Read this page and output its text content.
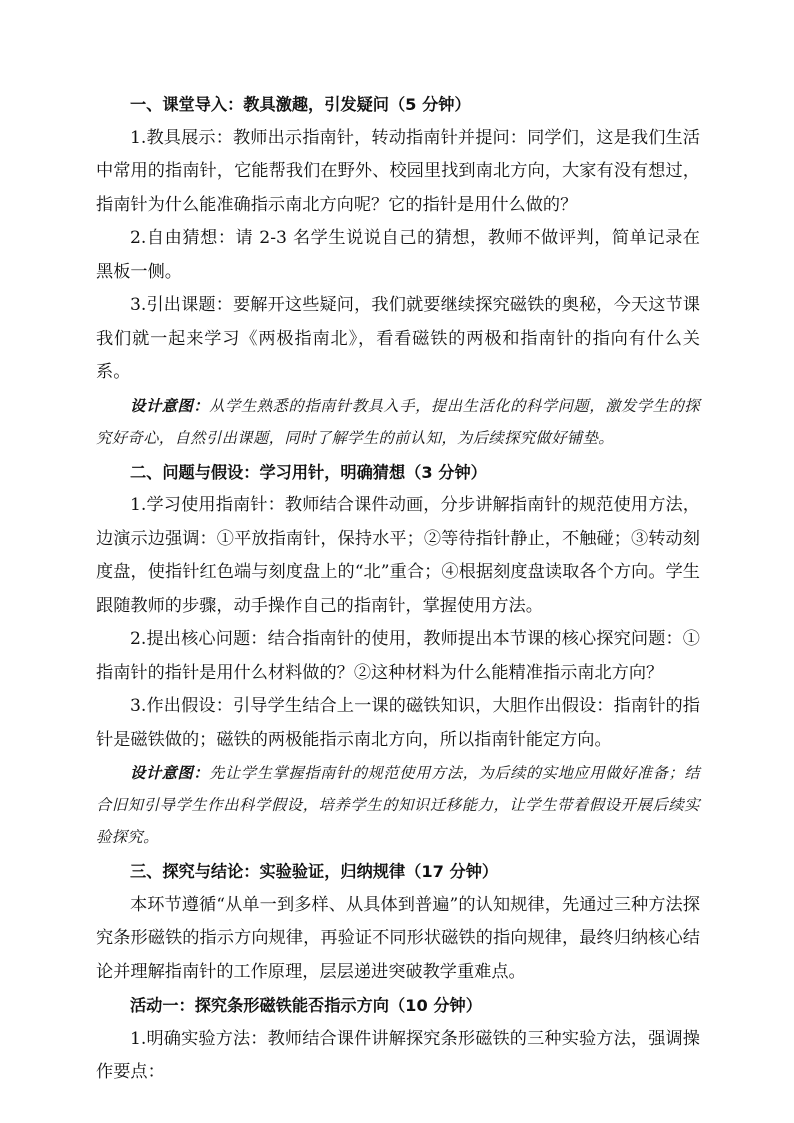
一、课堂导入：教具激趣，引发疑问（5 分钟）

1.教具展示：教师出示指南针，转动指南针并提问：同学们，这是我们生活中常用的指南针，它能帮我们在野外、校园里找到南北方向，大家有没有想过，指南针为什么能准确指示南北方向呢？它的指针是用什么做的？

2.自由猜想：请 2-3 名学生说说自己的猜想，教师不做评判，简单记录在黑板一侧。

3.引出课题：要解开这些疑问，我们就要继续探究磁铁的奥秘，今天这节课我们就一起来学习《两极指南北》，看看磁铁的两极和指南针的指向有什么关系。

设计意图：从学生熟悉的指南针教具入手，提出生活化的科学问题，激发学生的探究好奇心，自然引出课题，同时了解学生的前认知，为后续探究做好铺垫。

二、问题与假设：学习用针，明确猜想（3 分钟）

1.学习使用指南针：教师结合课件动画，分步讲解指南针的规范使用方法，边演示边强调：①平放指南针，保持水平；②等待指针静止，不触碰；③转动刻度盘，使指针红色端与刻度盘上的“北”重合；④根据刻度盘读取各个方向。学生跟随教师的步骤，动手操作自己的指南针，掌握使用方法。

2.提出核心问题：结合指南针的使用，教师提出本节课的核心探究问题：①指南针的指针是用什么材料做的？②这种材料为什么能精准指示南北方向？

3.作出假设：引导学生结合上一课的磁铁知识，大胆作出假设：指南针的指针是磁铁做的；磁铁的两极能指示南北方向，所以指南针能定方向。

设计意图：先让学生掌握指南针的规范使用方法，为后续的实地应用做好准备；结合旧知引导学生作出科学假设，培养学生的知识迁移能力，让学生带着假设开展后续实验探究。

三、探究与结论：实验验证，归纳规律（17 分钟）

本环节遵循“从单一到多样、从具体到普遍”的认知规律，先通过三种方法探究条形磁铁的指示方向规律，再验证不同形状磁铁的指向规律，最终归纳核心结论并理解指南针的工作原理，层层递进突破教学重难点。

活动一：探究条形磁铁能否指示方向（10 分钟）

1.明确实验方法：教师结合课件讲解探究条形磁铁的三种实验方法，强调操作要点：
